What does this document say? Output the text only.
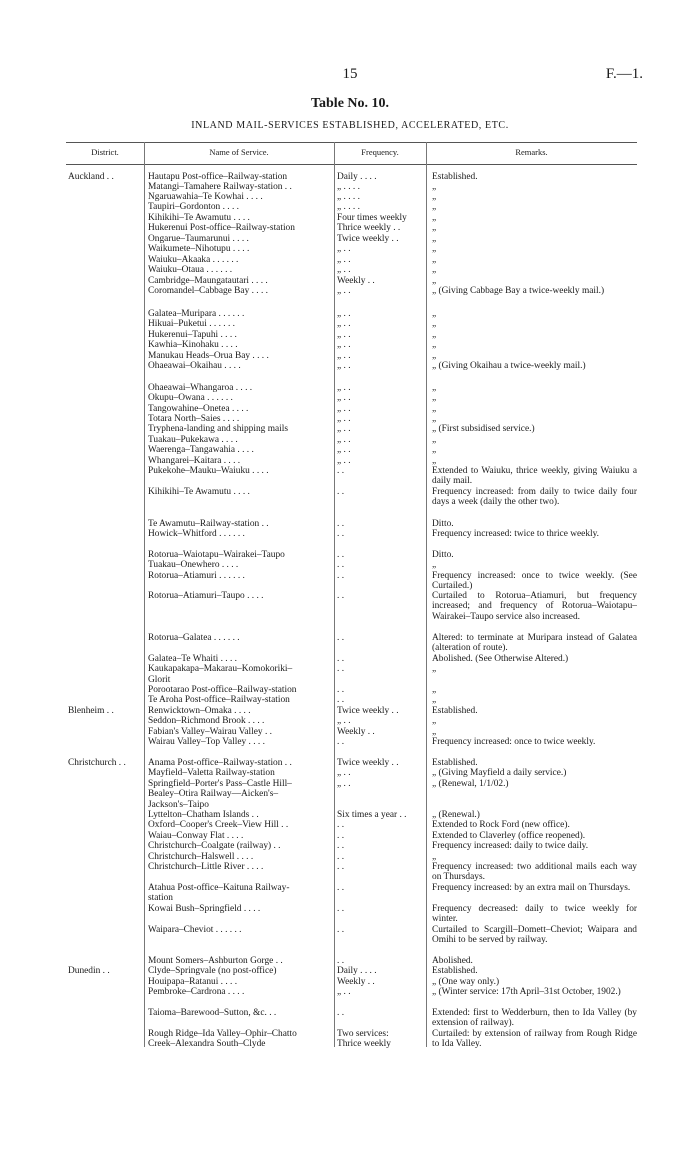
15	F.—1.
Table No. 10.
INLAND MAIL-SERVICES ESTABLISHED, ACCELERATED, ETC.
District.	Name of Service.	Frequency.	Remarks.
Auckland . .	Hautapu Post-office–Railway-station	Daily . . . .	Established.
Matangi–Tamahere Railway-station . .	„ . . . .	„
Ngaruawahia–Te Kowhai . . . .	„ . . . .	„
Taupiri–Gordonton . . . .	„ . . . .	„
Kihikihi–Te Awamutu . . . .	Four times weekly	„
Hukerenui Post-office–Railway-station	Thrice weekly . .	„
Ongarue–Taumarunui . . . .	Twice weekly . .	„
Waikumete–Nihotupu . . . .	„ . .	„
Waiuku–Akaaka . . . . . .	„ . .	„
Waiuku–Otaua . . . . . .	„ . .	„
Cambridge–Maungatautari . . . .	Weekly . .	„
Coromandel–Cabbage Bay . . . .	„ . .	„ (Giving Cabbage Bay a twice-weekly mail.)
Galatea–Muripara . . . . . .	„ . .	„
Hikuai–Puketui . . . . . .	„ . .	„
Hukerenui–Tapuhi . . . .	„ . .	„
Kawhia–Kinohaku . . . .	„ . .	„
Manukau Heads–Orua Bay . . . .	„ . .	„
Ohaeawai–Okaihau . . . .	„ . .	„ (Giving Okaihau a twice-weekly mail.)
Ohaeawai–Whangaroa . . . .	„ . .	„
Okupu–Owana . . . . . .	„ . .	„
Tangowahine–Onetea . . . .	„ . .	„
Totara North–Saies . . . .	„ . .	„
Tryphena-landing and shipping mails	„ . .	„ (First subsidised service.)
Tuakau–Pukekawa . . . .	„ . .	„
Waerenga–Tangawahia . . . .	„ . .	„
Whangarei–Kaitara . . . .	„ . .	„
Pukekohe–Mauku–Waiuku . . . .	. .	Extended to Waiuku, thrice weekly, giving Waiuku a daily mail.
Kihikihi–Te Awamutu . . . .	. .	Frequency increased: from daily to twice daily four days a week (daily the other two).
Te Awamutu–Railway-station . .	. .	Ditto.
Howick–Whitford . . . . . .	. .	Frequency increased: twice to thrice weekly.
Rotorua–Waiotapu–Wairakei–Taupo	. .	Ditto.
Tuakau–Onewhero . . . .	. .	„
Rotorua–Atiamuri . . . . . .	. .	Frequency increased: once to twice weekly. (See Curtailed.)
Rotorua–Atiamuri–Taupo . . . .	. .	Curtailed to Rotorua–Atiamuri, but frequency increased; and frequency of Rotorua–Waiotapu–Wairakei–Taupo service also increased.
Rotorua–Galatea . . . . . .	. .	Altered: to terminate at Muripara instead of Galatea (alteration of route).
Galatea–Te Whaiti . . . .	. .	Abolished. (See Otherwise Altered.)
Kaukapakapa–Makarau–Komokoriki–	. .	„
Glorit
Porootarao Post-office–Railway-station	. .	„
Te Aroha Post-office–Railway-station	. .	„
Blenheim . .	Renwicktown–Omaka . . . .	Twice weekly . .	Established.
Seddon–Richmond Brook . . . .	„ . .	„
Fabian's Valley–Wairau Valley . .	Weekly . .	„
Wairau Valley–Top Valley . . . .	. .	Frequency increased: once to twice weekly.
Christchurch . .	Anama Post-office–Railway-station . .	Twice weekly . .	Established.
Mayfield–Valetta Railway-station	„ . .	„ (Giving Mayfield a daily service.)
Springfield–Porter's Pass–Castle Hill–	„ . .	„ (Renewal, 1/1/02.)
Bealey–Otira Railway—Aicken's–
Jackson's–Taipo
Lyttelton–Chatham Islands . .	Six times a year . .	„ (Renewal.)
Oxford–Cooper's Creek–View Hill . .	. .	Extended to Rock Ford (new office).
Waiau–Conway Flat . . . .	. .	Extended to Claverley (office reopened).
Christchurch–Coalgate (railway) . .	. .	Frequency increased: daily to twice daily.
Christchurch–Halswell . . . .	. .	„
Christchurch–Little River . . . .	. .	Frequency increased: two additional mails each way on Thursdays.
Atahua Post-office–Kaituna Railway-	. .	Frequency increased: by an extra mail on Thursdays.
station
Kowai Bush–Springfield . . . .	. .	Frequency decreased: daily to twice weekly for winter.
Waipara–Cheviot . . . . . .	. .	Curtailed to Scargill–Domett–Cheviot; Waipara and Omihi to be served by railway.
Mount Somers–Ashburton Gorge . .	. .	Abolished.
Dunedin . .	Clyde–Springvale (no post-office)	Daily . . . .	Established.
Houipapa–Ratanui . . . .	Weekly . .	„ (One way only.)
Pembroke–Cardrona . . . .	„ . .	„ (Winter service: 17th April–31st October, 1902.)
Taioma–Barewood–Sutton, &c. . .	. .	Extended: first to Wedderburn, then to Ida Valley (by extension of railway).
Rough Ridge–Ida Valley–Ophir–Chatto	Two services:	Curtailed: by extension of railway from Rough Ridge to Ida Valley.
Creek–Alexandra South–Clyde	Thrice weekly
